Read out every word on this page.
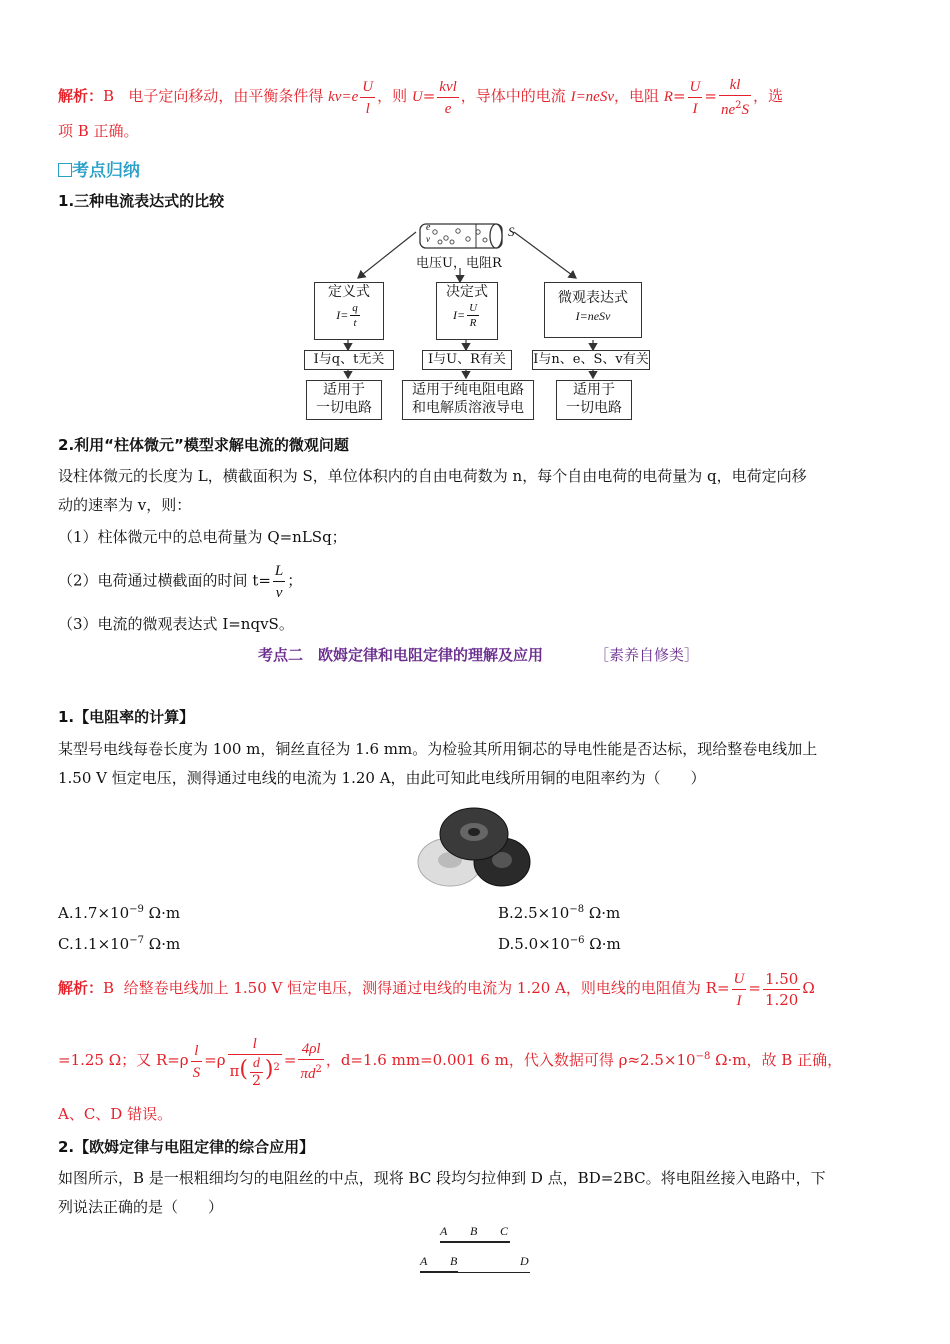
解析：B 电子定向移动，由平衡条件得 $kv=e \frac{U}{l}$ ，则 $U= \frac{\text{kvl}}{e}$ ，导体中的电流 I=neSv，电阻 $R= \frac{U}{I} = \frac{kl}{ne^2S}$ ，选
项 B 正确。
考点归纳
1.三种电流表达式的比较
e
v	S
电压U，电阻R
定义式
$I= \frac{q}{t}$
决定式
$I= \frac{U}{R}$
微观表达式
I=neSv
I与q、t无关	I与U、R有关	I与n、e、S、v有关
适用于
一切电路
适用于纯电阻电路
和电解质溶液导电
适用于
一切电路
2.利用“柱体微元”模型求解电流的微观问题
设柱体微元的长度为 L，横截面积为 S，单位体积内的自由电荷数为 n，每个自由电荷的电荷量为 q，电荷定向移
动的速率为 v，则：
（1）柱体微元中的总电荷量为 Q=nLSq；
（2）电荷通过横截面的时间 $t= \frac{L}{v}$ ；
（3）电流的微观表达式 I=nqvS。
考点二　欧姆定律和电阻定律的理解及应用	［素养自修类］
1.【电阻率的计算】
某型号电线每卷长度为 100 m，铜丝直径为 1.6 mm。为检验其所用铜芯的导电性能是否达标，现给整卷电线加上
1.50 V 恒定电压，测得通过电线的电流为 1.20 A，由此可知此电线所用铜的电阻率约为（　　）
$A.1.7\times 10^{-9}$ Ω·m	$B.2.5\times 10^{-8}$ Ω·m
$C.1.1\times 10^{-7}$ Ω·m	$D.5.0\times 10^{-6}$ Ω·m
解析：B 给整卷电线加上 1.50 V 恒定电压，测得通过电线的电流为 1.20 A，则电线的电阻值为 $R= \frac{U}{I} = \frac{1.50}{1.20}$ Ω
=1.25 Ω；又 $R=\rho \frac{l}{S} =\rho \frac{l}{\pi( \frac{d}{2} )^2} = \frac{4\rho l}{\pi d^2}$ ，d=1.6 mm=0.001 6 m，代入数据可得 $\rho\approx 2.5\times 10^{-8}$ Ω·m，故 B 正确，
A、C、D 错误。
2.【欧姆定律与电阻定律的综合应用】
如图所示，B 是一根粗细均匀的电阻丝的中点，现将 BC 段均匀拉伸到 D 点，BD=2BC。将电阻丝接入电路中，下
列说法正确的是（　　）
A B C
A B	D
